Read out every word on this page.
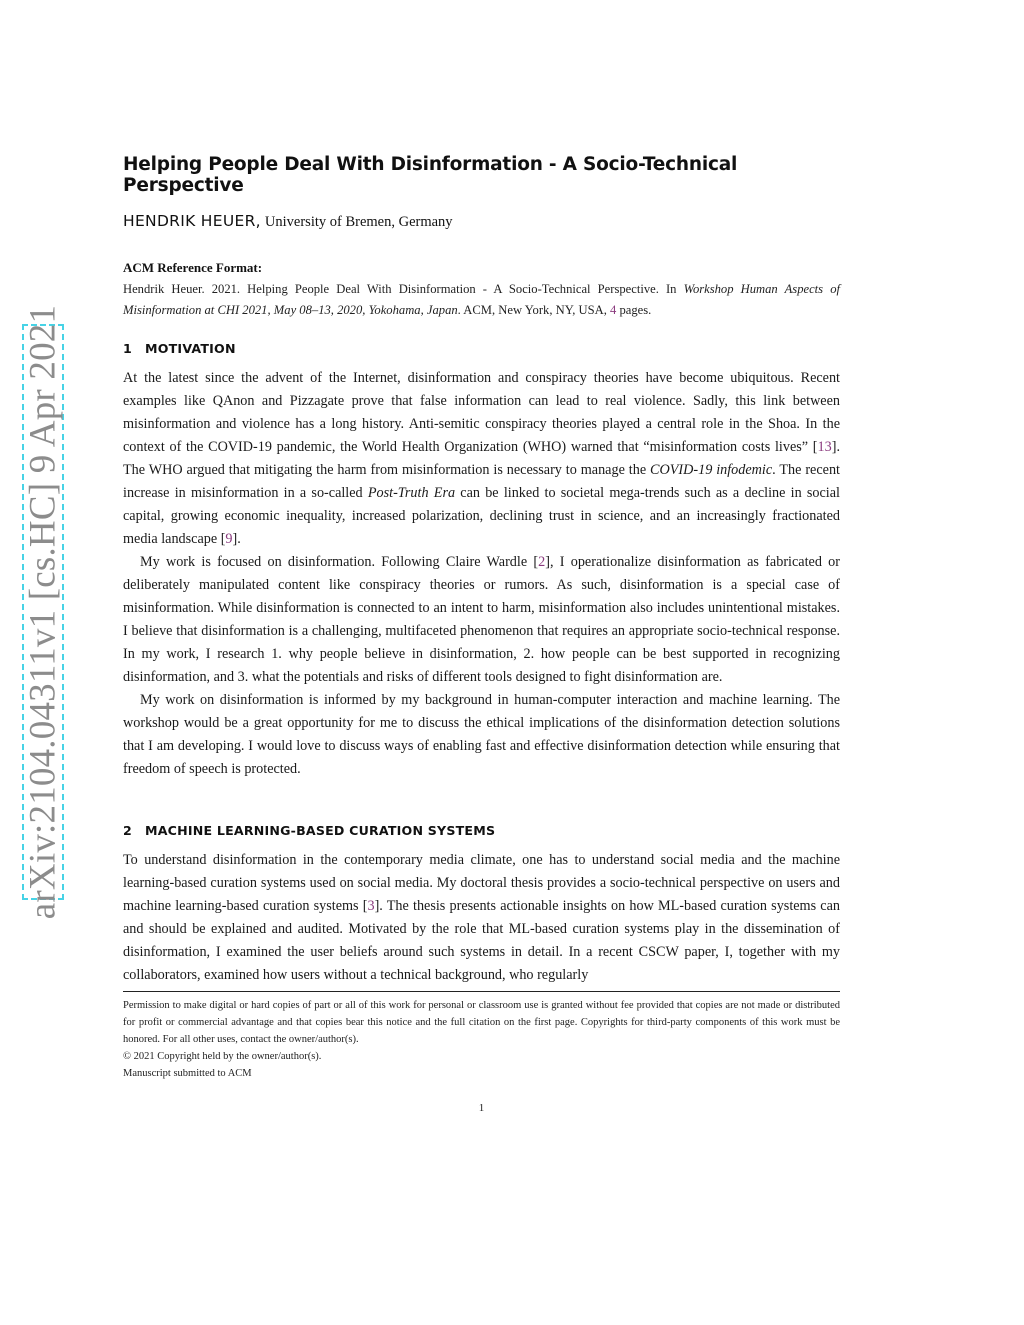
arXiv:2104.04311v1 [cs.HC] 9 Apr 2021
Helping People Deal With Disinformation - A Socio-Technical Perspective
HENDRIK HEUER, University of Bremen, Germany
ACM Reference Format:

Hendrik Heuer. 2021. Helping People Deal With Disinformation - A Socio-Technical Perspective. In Workshop Human Aspects of Misinformation at CHI 2021, May 08–13, 2020, Yokohama, Japan. ACM, New York, NY, USA, 4 pages.

1 MOTIVATION

At the latest since the advent of the Internet, disinformation and conspiracy theories have become ubiquitous. Recent examples like QAnon and Pizzagate prove that false information can lead to real violence. Sadly, this link between misinformation and violence has a long history. Anti-semitic conspiracy theories played a central role in the Shoa. In the context of the COVID-19 pandemic, the World Health Organization (WHO) warned that “misinformation costs lives” [13]. The WHO argued that mitigating the harm from misinformation is necessary to manage the COVID-19 infodemic. The recent increase in misinformation in a so-called Post-Truth Era can be linked to societal mega-trends such as a decline in social capital, growing economic inequality, increased polarization, declining trust in science, and an increasingly fractionated media landscape [9].

My work is focused on disinformation. Following Claire Wardle [2], I operationalize disinformation as fabricated or deliberately manipulated content like conspiracy theories or rumors. As such, disinformation is a special case of misinformation. While disinformation is connected to an intent to harm, misinformation also includes unintentional mistakes. I believe that disinformation is a challenging, multifaceted phenomenon that requires an appropriate socio-technical response. In my work, I research 1. why people believe in disinformation, 2. how people can be best supported in recognizing disinformation, and 3. what the potentials and risks of different tools designed to fight disinformation are.

My work on disinformation is informed by my background in human-computer interaction and machine learning. The workshop would be a great opportunity for me to discuss the ethical implications of the disinformation detection solutions that I am developing. I would love to discuss ways of enabling fast and effective disinformation detection while ensuring that freedom of speech is protected.

2 MACHINE LEARNING-BASED CURATION SYSTEMS

To understand disinformation in the contemporary media climate, one has to understand social media and the machine learning-based curation systems used on social media. My doctoral thesis provides a socio-technical perspective on users and machine learning-based curation systems [3]. The thesis presents actionable insights on how ML-based curation systems can and should be explained and audited. Motivated by the role that ML-based curation systems play in the dissemination of disinformation, I examined the user beliefs around such systems in detail. In a recent CSCW paper, I, together with my collaborators, examined how users without a technical background, who regularly

Permission to make digital or hard copies of part or all of this work for personal or classroom use is granted without fee provided that copies are not made or distributed for profit or commercial advantage and that copies bear this notice and the full citation on the first page. Copyrights for third-party components of this work must be honored. For all other uses, contact the owner/author(s).

© 2021 Copyright held by the owner/author(s).

Manuscript submitted to ACM

1
